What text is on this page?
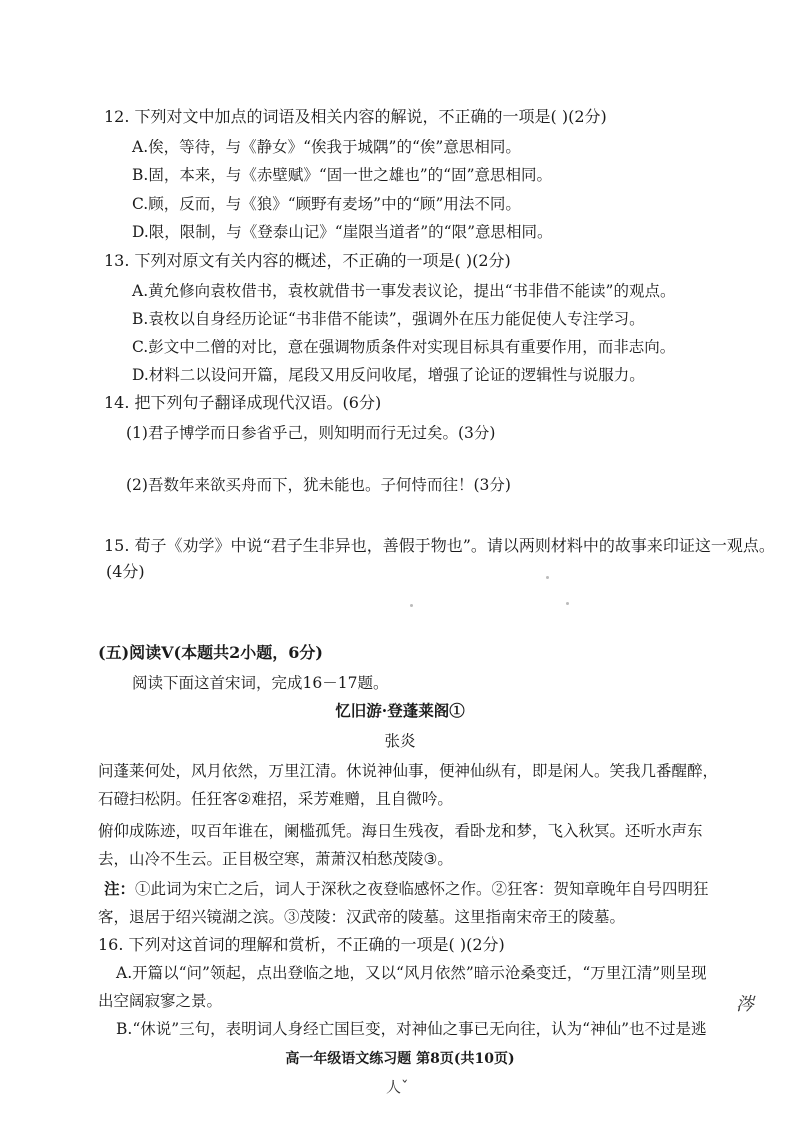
12. 下列对文中加点的词语及相关内容的解说，不正确的一项是( )(2分)
A.俟，等待，与《静女》“俟我于城隅”的“俟”意思相同。
B.固，本来，与《赤壁赋》“固一世之雄也”的“固”意思相同。
C.顾，反而，与《狼》“顾野有麦场”中的“顾”用法不同。
D.限，限制，与《登泰山记》“崖限当道者”的“限”意思相同。
13. 下列对原文有关内容的概述，不正确的一项是( )(2分)
A.黄允修向袁枚借书，袁枚就借书一事发表议论，提出“书非借不能读”的观点。
B.袁枚以自身经历论证“书非借不能读”，强调外在压力能促使人专注学习。
C.彭文中二僧的对比，意在强调物质条件对实现目标具有重要作用，而非志向。
D.材料二以设问开篇，尾段又用反问收尾，增强了论证的逻辑性与说服力。
14. 把下列句子翻译成现代汉语。(6分)
(1)君子博学而日参省乎己，则知明而行无过矣。(3分)
(2)吾数年来欲买舟而下，犹未能也。子何恃而往！(3分)
15. 荀子《劝学》中说“君子生非异也，善假于物也”。请以两则材料中的故事来印证这一观点。
(4分)
(五)阅读Ⅴ(本题共2小题，6分)
阅读下面这首宋词，完成16－17题。
忆旧游·登蓬莱阁①
张炎
问蓬莱何处，风月依然，万里江清。休说神仙事，便神仙纵有，即是闲人。笑我几番醒醉，
石磴扫松阴。任狂客②难招，采芳难赠，且自微吟。
俯仰成陈迹，叹百年谁在，阑槛孤凭。海日生残夜，看卧龙和梦，飞入秋冥。还听水声东
去，山冷不生云。正目极空寒，萧萧汉柏愁茂陵③。
注：①此词为宋亡之后，词人于深秋之夜登临感怀之作。②狂客：贺知章晚年自号四明狂
客，退居于绍兴镜湖之滨。③茂陵：汉武帝的陵墓。这里指南宋帝王的陵墓。
16. 下列对这首词的理解和赏析，不正确的一项是( )(2分)
A.开篇以“问”领起，点出登临之地，又以“风月依然”暗示沧桑变迁，“万里江清”则呈现
出空阔寂寥之景。
B.“休说”三句，表明词人身经亡国巨变，对神仙之事已无向往，认为“神仙”也不过是逃
高一年级语文练习题 第8页(共10页)
涔
人ˇ
